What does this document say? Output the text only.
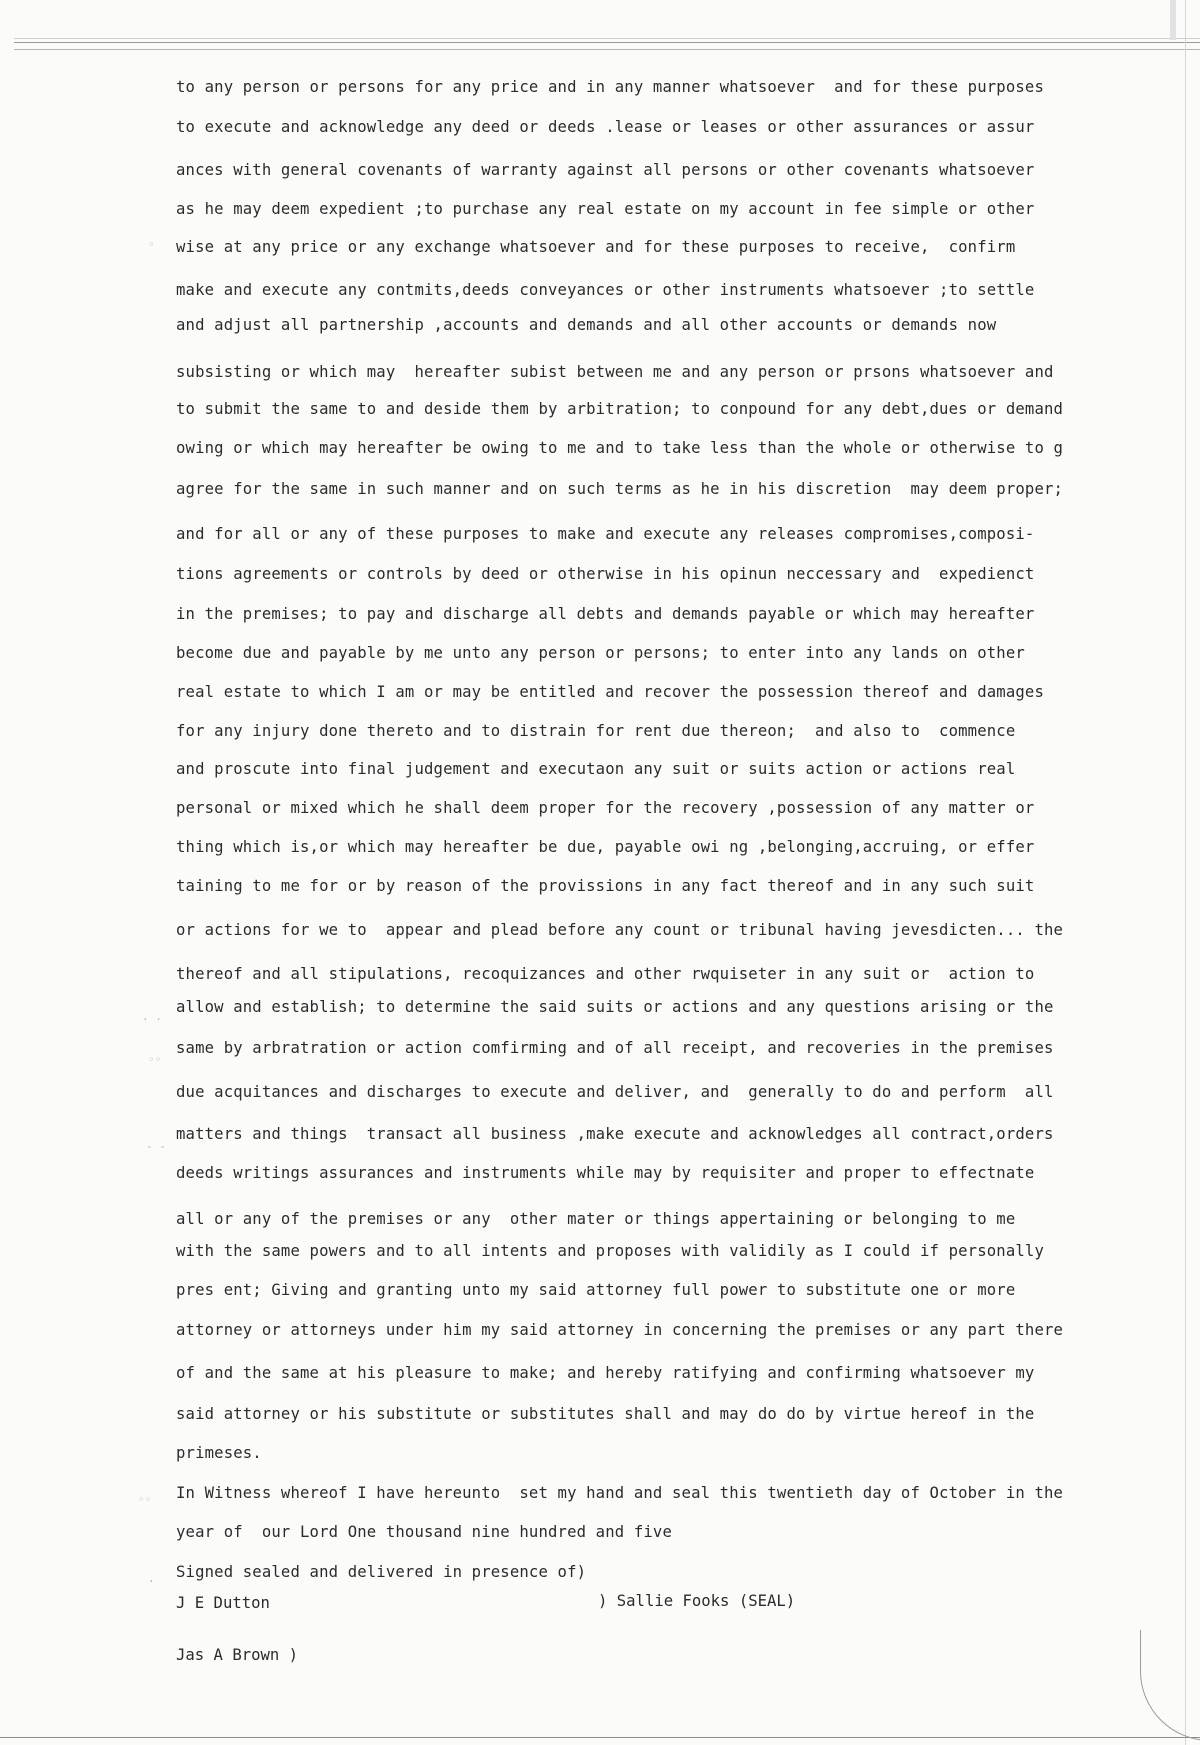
◦
· ·
◦◦
- -
◦◦
·
to any person or persons for any price and in any manner whatsoever  and for these purposes
to execute and acknowledge any deed or deeds .lease or leases or other assurances or assur
ances with general covenants of warranty against all persons or other covenants whatsoever
as he may deem expedient ;to purchase any real estate on my account in fee simple or other
wise at any price or any exchange whatsoever and for these purposes to receive,  confirm
make and execute any contmits,deeds conveyances or other instruments whatsoever ;to settle
and adjust all partnership ,accounts and demands and all other accounts or demands now
subsisting or which may  hereafter subist between me and any person or prsons whatsoever and
to submit the same to and deside them by arbitration; to conpound for any debt,dues or demand
owing or which may hereafter be owing to me and to take less than the whole or otherwise to g
agree for the same in such manner and on such terms as he in his discretion  may deem proper;
and for all or any of these purposes to make and execute any releases compromises,composi-
tions agreements or controls by deed or otherwise in his opinun neccessary and  expedienct
in the premises; to pay and discharge all debts and demands payable or which may hereafter
become due and payable by me unto any person or persons; to enter into any lands on other
real estate to which I am or may be entitled and recover the possession thereof and damages
for any injury done thereto and to distrain for rent due thereon;  and also to  commence
and proscute into final judgement and executaon any suit or suits action or actions real
personal or mixed which he shall deem proper for the recovery ,possession of any matter or
thing which is,or which may hereafter be due, payable owi ng ,belonging,accruing, or effer
taining to me for or by reason of the provissions in any fact thereof and in any such suit
or actions for we to  appear and plead before any count or tribunal having jevesdicten... the
thereof and all stipulations, recoquizances and other rwquiseter in any suit or  action to
allow and establish; to determine the said suits or actions and any questions arising or the
same by arbratration or action comfirming and of all receipt, and recoveries in the premises
due acquitances and discharges to execute and deliver, and  generally to do and perform  all
matters and things  transact all business ,make execute and acknowledges all contract,orders
deeds writings assurances and instruments while may by requisiter and proper to effectnate
all or any of the premises or any  other mater or things appertaining or belonging to me
with the same powers and to all intents and proposes with validily as I could if personally
pres ent; Giving and granting unto my said attorney full power to substitute one or more
attorney or attorneys under him my said attorney in concerning the premises or any part there
of and the same at his pleasure to make; and hereby ratifying and confirming whatsoever my
said attorney or his substitute or substitutes shall and may do do by virtue hereof in the
primeses.
In Witness whereof I have hereunto  set my hand and seal this twentieth day of October in the
year of  our Lord One thousand nine hundred and five
Signed sealed and delivered in presence of)
J E Dutton	) Sallie Fooks (SEAL)
Jas A Brown )
